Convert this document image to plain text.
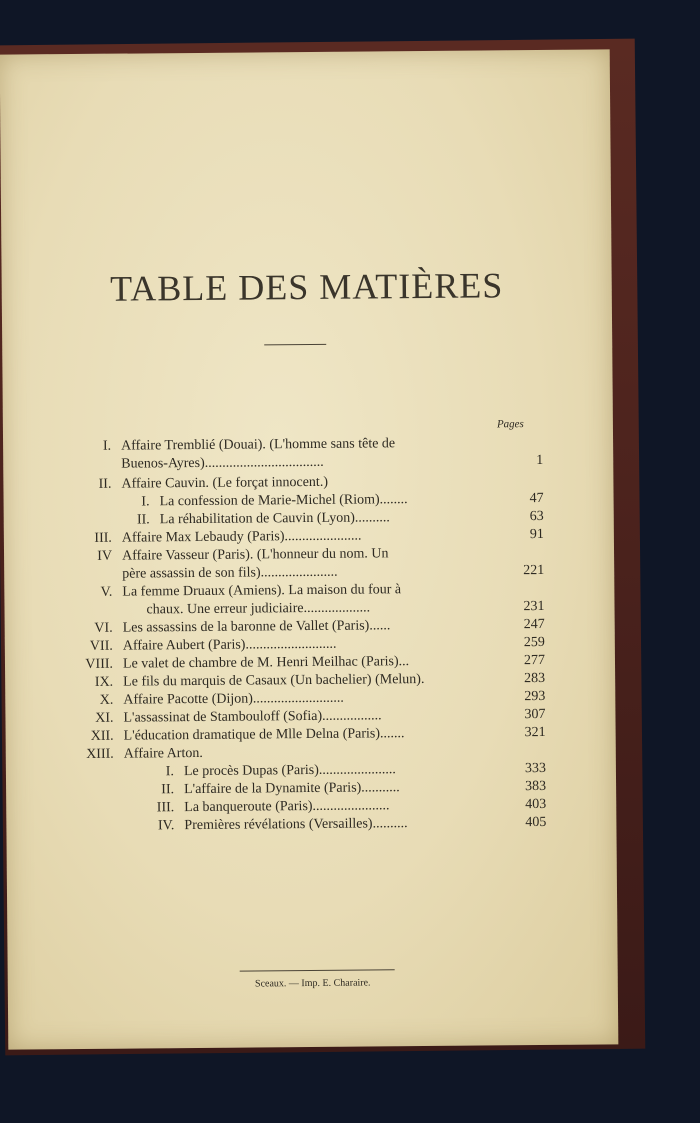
TABLE DES MATIÈRES
Pages
I. Affaire Tremblié (Douai). (L'homme sans tête de
Buenos-Ayres)..................................	1
II. Affaire Cauvin. (Le forçat innocent.)
I. La confession de Marie-Michel (Riom)........	47
II. La réhabilitation de Cauvin (Lyon)..........	63
III. Affaire Max Lebaudy (Paris)......................	91
IV Affaire Vasseur (Paris). (L'honneur du nom. Un
père assassin de son fils)......................	221
V. La femme Druaux (Amiens). La maison du four à
chaux. Une erreur judiciaire...................	231
VI. Les assassins de la baronne de Vallet (Paris)......	247
VII. Affaire Aubert (Paris)..........................	259
VIII. Le valet de chambre de M. Henri Meilhac (Paris)...	277
IX. Le fils du marquis de Casaux (Un bachelier) (Melun).	283
X. Affaire Pacotte (Dijon)..........................	293
XI. L'assassinat de Stambouloff (Sofia).................	307
XII. L'éducation dramatique de Mlle Delna (Paris).......	321
XIII. Affaire Arton.
I. Le procès Dupas (Paris)......................	333
II. L'affaire de la Dynamite (Paris)...........	383
III. La banqueroute (Paris)......................	403
IV. Premières révélations (Versailles)..........	405
Sceaux. — Imp. E. Charaire.
